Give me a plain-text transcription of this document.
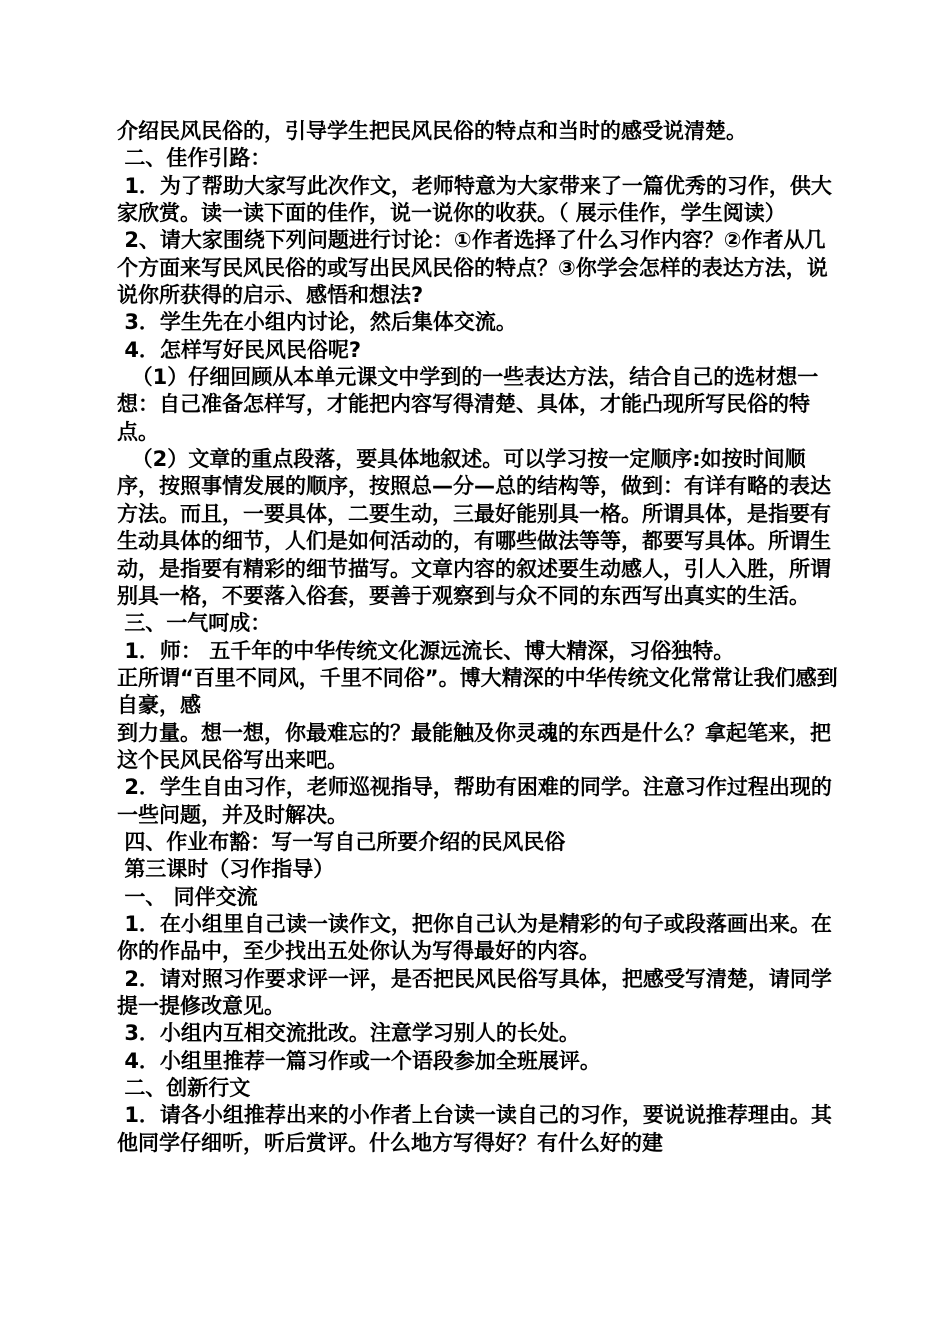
介绍民风民俗的，引导学生把民风民俗的特点和当时的感受说清楚。

二、佳作引路：

1．为了帮助大家写此次作文，老师特意为大家带来了一篇优秀的习作，供大家欣赏。读一读下面的佳作，说一说你的收获。（ 展示佳作，学生阅读）

2、请大家围绕下列问题进行讨论：①作者选择了什么习作内容？②作者从几个方面来写民风民俗的或写出民风民俗的特点？③你学会怎样的表达方法，说说你所获得的启示、感悟和想法?

3．学生先在小组内讨论，然后集体交流。

4．怎样写好民风民俗呢?

（1）仔细回顾从本单元课文中学到的一些表达方法，结合自己的选材想一想：自己准备怎样写，才能把内容写得清楚、具体，才能凸现所写民俗的特点。

（2）文章的重点段落，要具体地叙述。可以学习按一定顺序:如按时间顺序，按照事情发展的顺序，按照总—分—总的结构等，做到：有详有略的表达方法。而且，一要具体，二要生动，三最好能别具一格。所谓具体，是指要有生动具体的细节，人们是如何活动的，有哪些做法等等，都要写具体。所谓生动，是指要有精彩的细节描写。文章内容的叙述要生动感人，引人入胜，所谓别具一格，不要落入俗套，要善于观察到与众不同的东西写出真实的生活。

三、一气呵成：

1．师： 五千年的中华传统文化源远流长、博大精深，习俗独特。

正所谓“百里不同风，千里不同俗”。博大精深的中华传统文化常常让我们感到自豪，感

到力量。想一想，你最难忘的？最能触及你灵魂的东西是什么？拿起笔来，把这个民风民俗写出来吧。

2．学生自由习作，老师巡视指导，帮助有困难的同学。注意习作过程出现的一些问题，并及时解决。

四、作业布豁：写一写自己所要介绍的民风民俗

第三课时（习作指导）

一、 同伴交流

1．在小组里自己读一读作文，把你自己认为是精彩的句子或段落画出来。在你的作品中，至少找出五处你认为写得最好的内容。

2．请对照习作要求评一评，是否把民风民俗写具体，把感受写清楚，请同学提一提修改意见。

3．小组内互相交流批改。注意学习别人的长处。

4．小组里推荐一篇习作或一个语段参加全班展评。

二、创新行文

1．请各小组推荐出来的小作者上台读一读自己的习作，要说说推荐理由。其他同学仔细听，听后赏评。什么地方写得好？有什么好的建
